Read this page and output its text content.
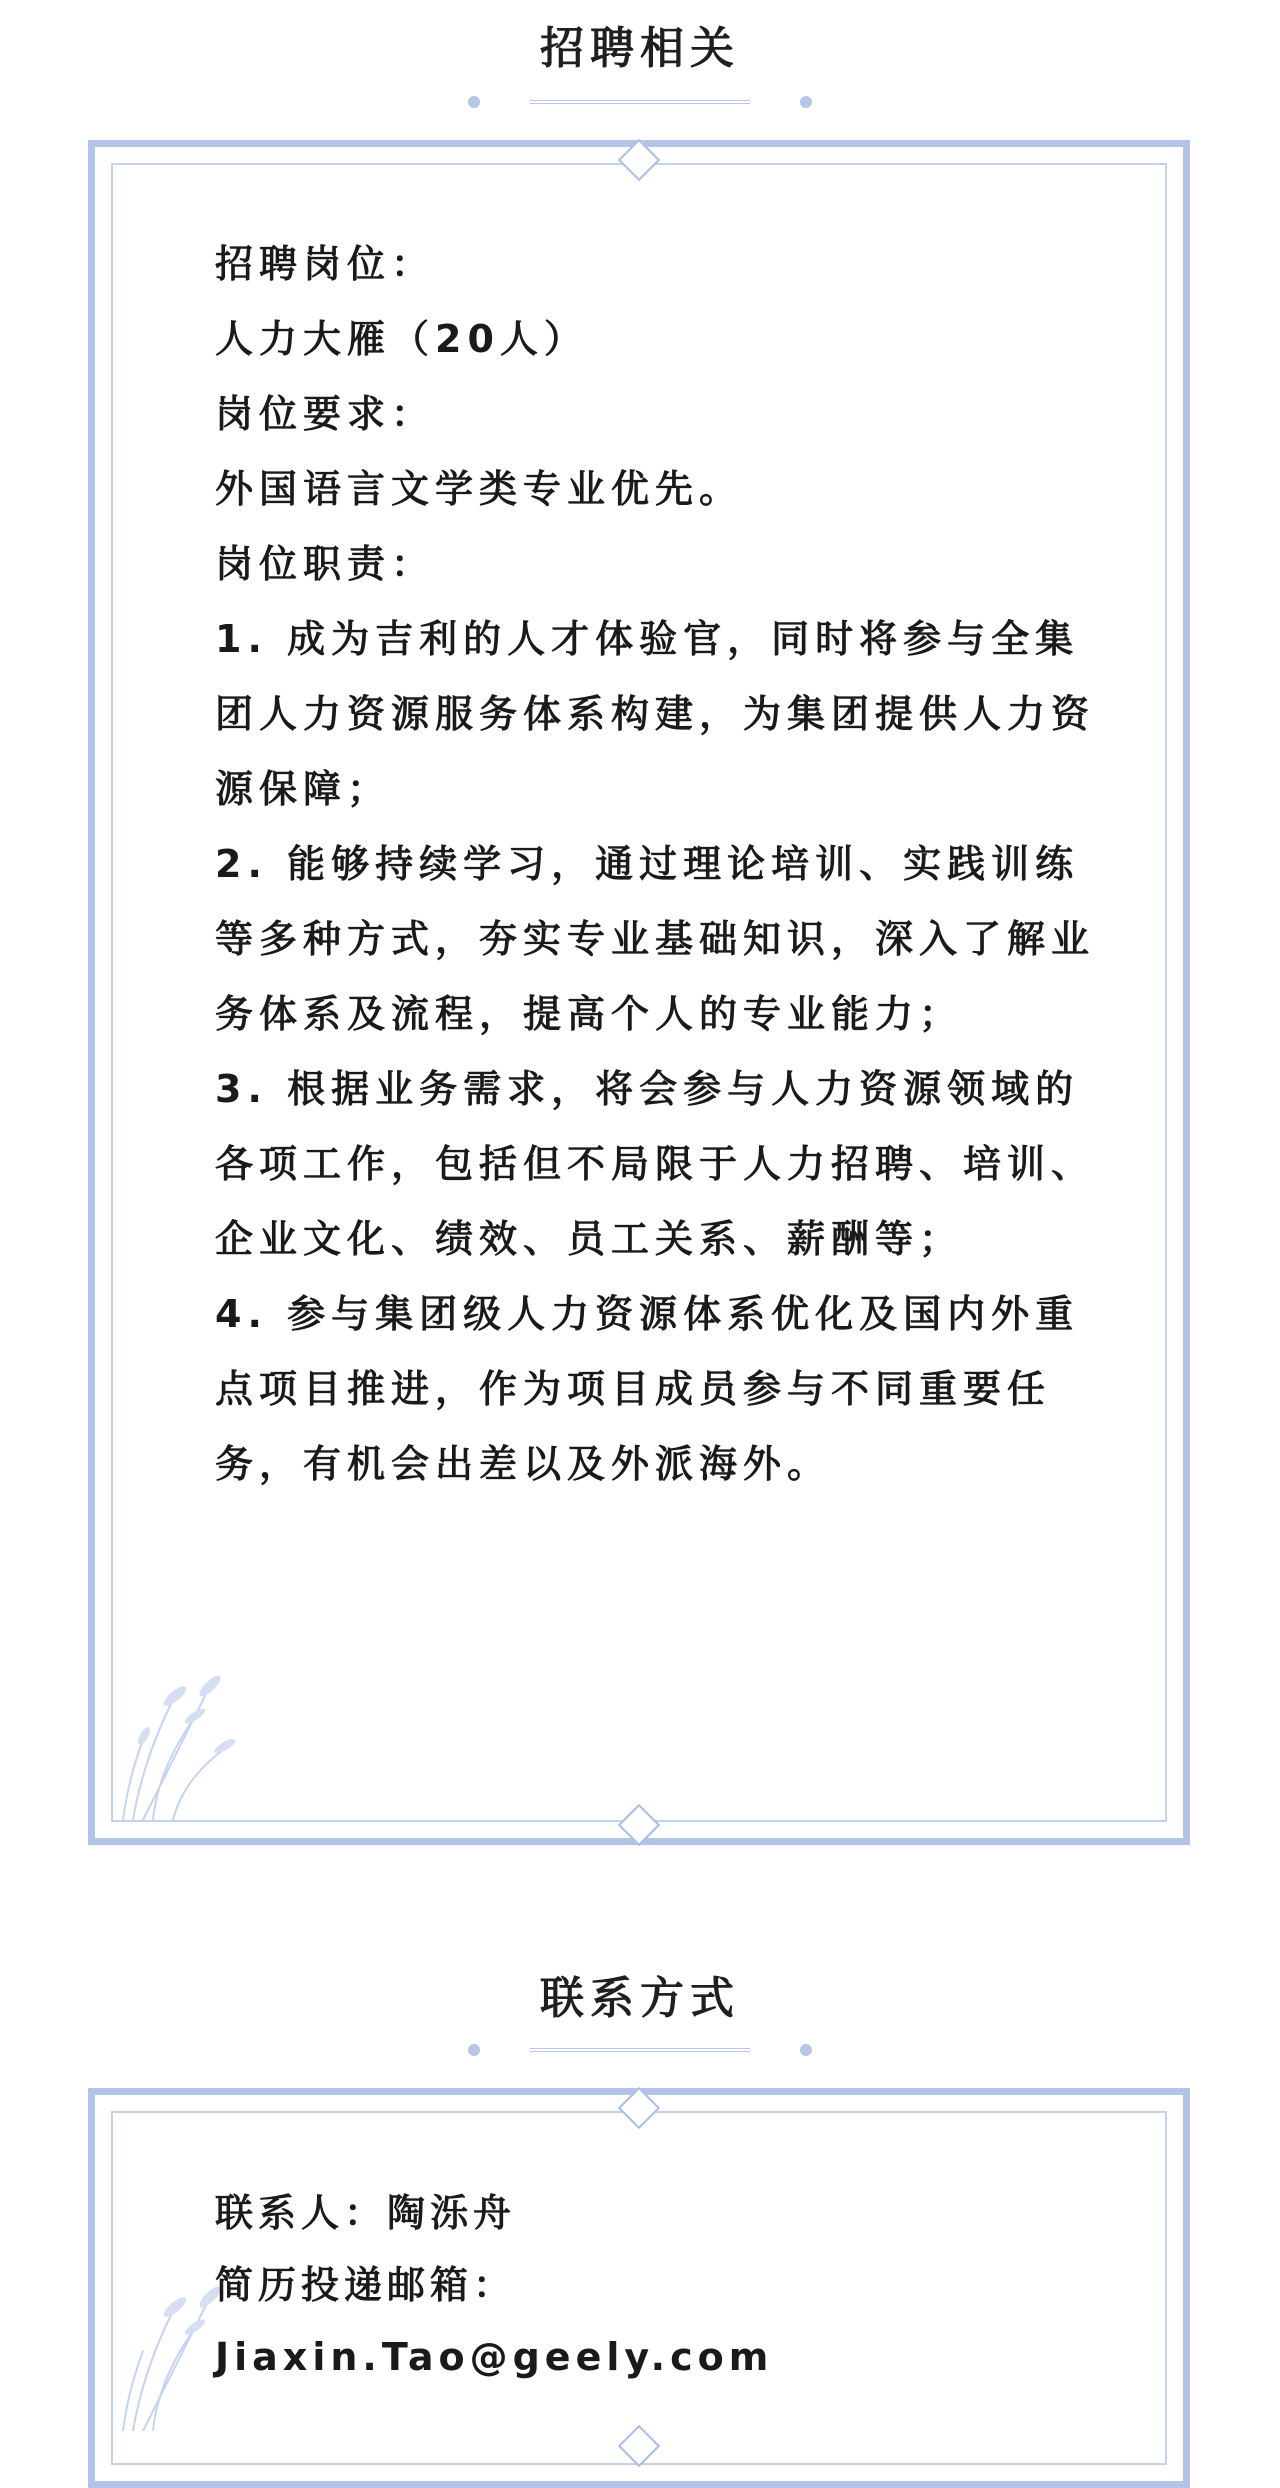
招聘相关

招聘岗位：

人力大雁（20人）

岗位要求：

外国语言文学类专业优先。

岗位职责：

1. 成为吉利的人才体验官，同时将参与全集团人力资源服务体系构建，为集团提供人力资源保障；

2. 能够持续学习，通过理论培训、实践训练等多种方式，夯实专业基础知识，深入了解业务体系及流程，提高个人的专业能力；

3. 根据业务需求，将会参与人力资源领域的各项工作，包括但不局限于人力招聘、培训、企业文化、绩效、员工关系、薪酬等；

4. 参与集团级人力资源体系优化及国内外重点项目推进，作为项目成员参与不同重要任务，有机会出差以及外派海外。

联系方式

联系人：陶泺舟

简历投递邮箱：

Jiaxin.Tao@geely.com
